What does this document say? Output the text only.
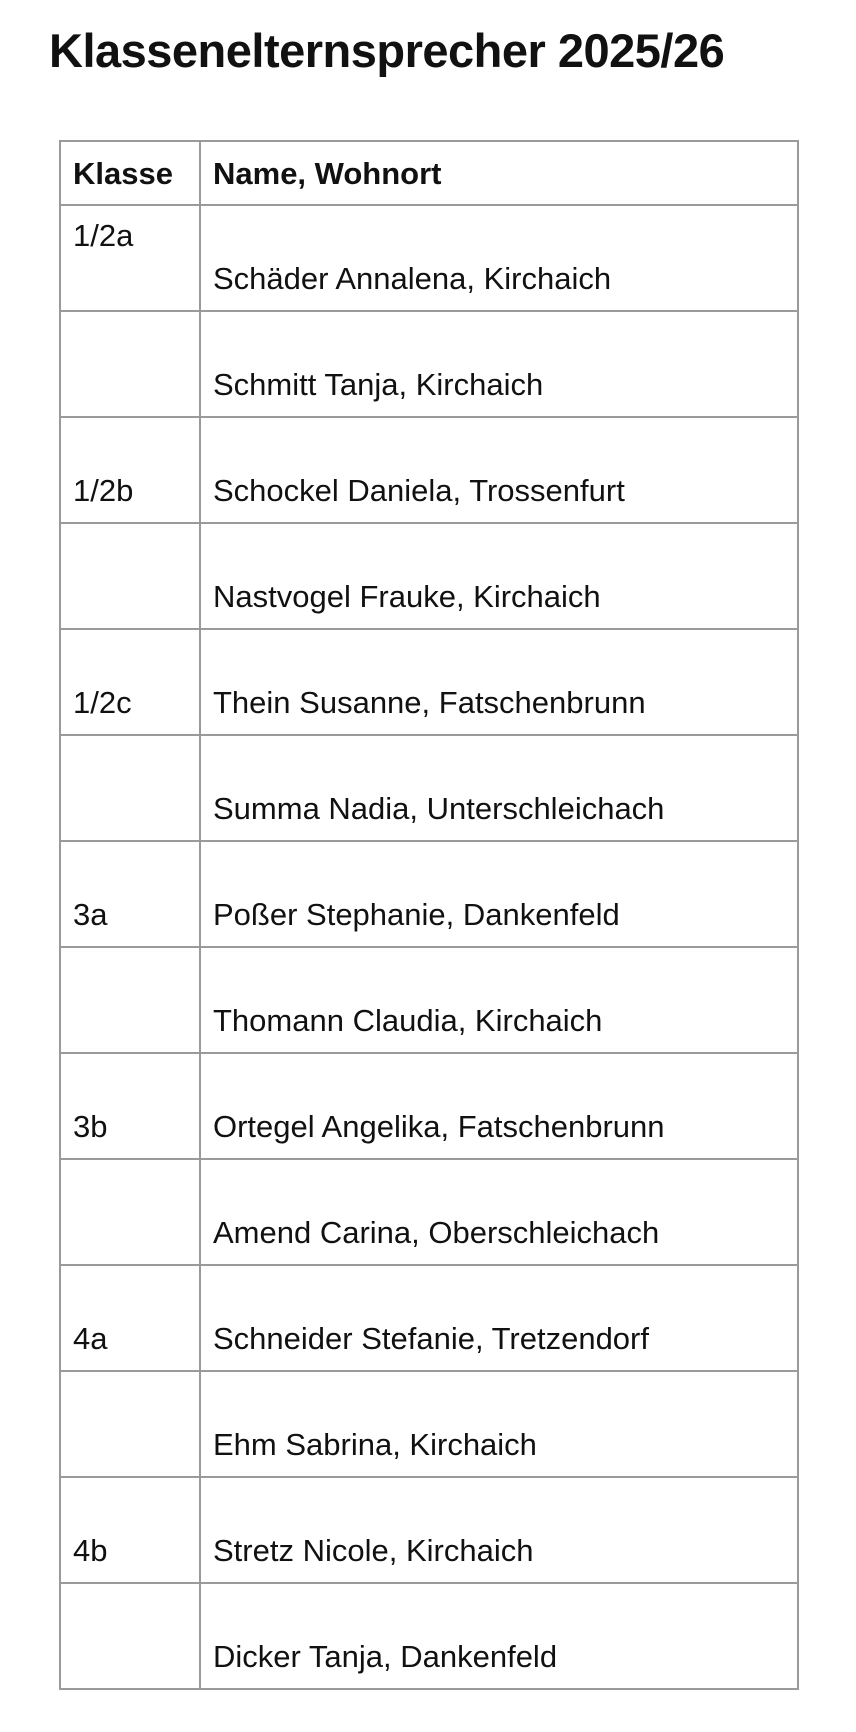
Klassenelternsprecher 2025/26
Klasse	Name, Wohnort
1/2a	Schäder Annalena, Kirchaich
	Schmitt Tanja, Kirchaich
1/2b	Schockel Daniela, Trossenfurt
	Nastvogel Frauke, Kirchaich
1/2c	Thein Susanne, Fatschenbrunn
	Summa Nadia, Unterschleichach
3a	Poßer Stephanie, Dankenfeld
	Thomann Claudia, Kirchaich
3b	Ortegel Angelika, Fatschenbrunn
	Amend Carina, Oberschleichach
4a	Schneider Stefanie, Tretzendorf
	Ehm Sabrina, Kirchaich
4b	Stretz Nicole, Kirchaich
	Dicker Tanja, Dankenfeld
